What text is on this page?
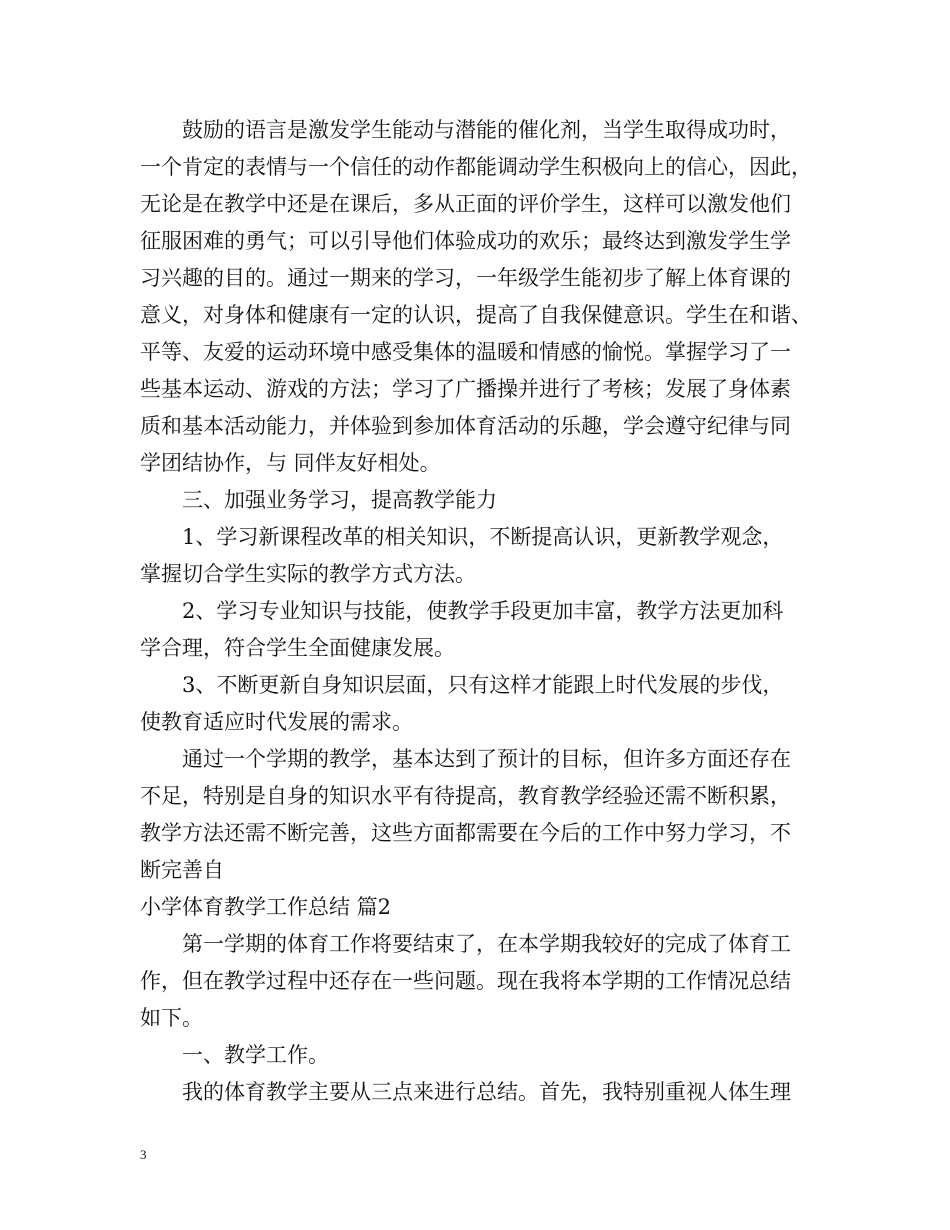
鼓励的语言是激发学生能动与潜能的催化剂，当学生取得成功时，
一个肯定的表情与一个信任的动作都能调动学生积极向上的信心，因此，
无论是在教学中还是在课后，多从正面的评价学生，这样可以激发他们
征服困难的勇气；可以引导他们体验成功的欢乐；最终达到激发学生学
习兴趣的目的。通过一期来的学习，一年级学生能初步了解上体育课的
意义，对身体和健康有一定的认识，提高了自我保健意识。学生在和谐、
平等、友爱的运动环境中感受集体的温暖和情感的愉悦。掌握学习了一
些基本运动、游戏的方法；学习了广播操并进行了考核；发展了身体素
质和基本活动能力，并体验到参加体育活动的乐趣，学会遵守纪律与同
学团结协作，与 同伴友好相处。
三、加强业务学习，提高教学能力
1、学习新课程改革的相关知识，不断提高认识，更新教学观念，
掌握切合学生实际的教学方式方法。
2、学习专业知识与技能，使教学手段更加丰富，教学方法更加科
学合理，符合学生全面健康发展。
3、不断更新自身知识层面，只有这样才能跟上时代发展的步伐，
使教育适应时代发展的需求。
通过一个学期的教学，基本达到了预计的目标，但许多方面还存在
不足，特别是自身的知识水平有待提高，教育教学经验还需不断积累，
教学方法还需不断完善，这些方面都需要在今后的工作中努力学习，不
断完善自
小学体育教学工作总结 篇2
第一学期的体育工作将要结束了，在本学期我较好的完成了体育工
作，但在教学过程中还存在一些问题。现在我将本学期的工作情况总结
如下。
一、教学工作。
我的体育教学主要从三点来进行总结。首先，我特别重视人体生理
3
